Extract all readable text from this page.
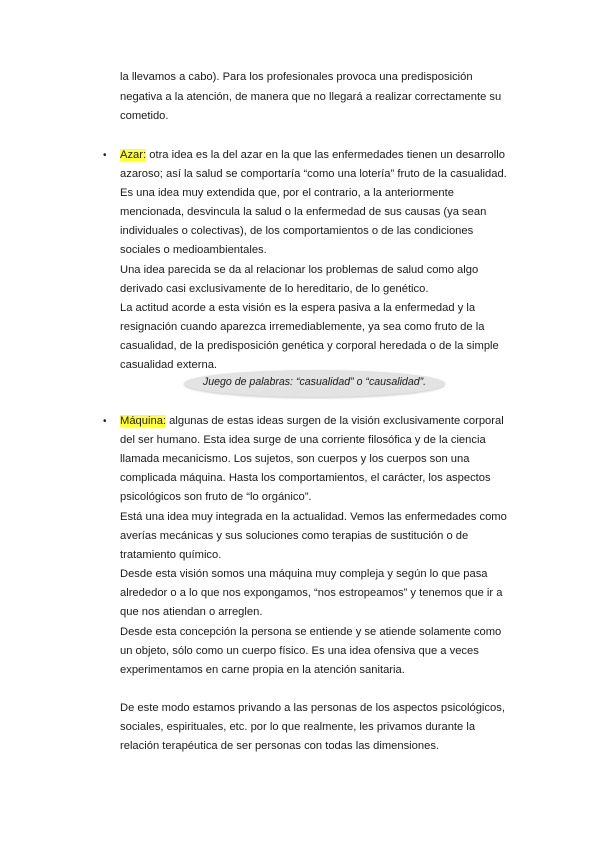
la llevamos a cabo). Para los profesionales provoca una predisposición
negativa a la atención, de manera que no llegará a realizar correctamente su
cometido.
• Azar: otra idea es la del azar en la que las enfermedades tienen un desarrollo
azaroso; así la salud se comportaría “como una lotería” fruto de la casualidad.
Es una idea muy extendida que, por el contrario, a la anteriormente
mencionada, desvincula la salud o la enfermedad de sus causas (ya sean
individuales o colectivas), de los comportamientos o de las condiciones
sociales o medioambientales.
Una idea parecida se da al relacionar los problemas de salud como algo
derivado casi exclusivamente de lo hereditario, de lo genético.
La actitud acorde a esta visión es la espera pasiva a la enfermedad y la
resignación cuando aparezca irremediablemente, ya sea como fruto de la
casualidad, de la predisposición genética y corporal heredada o de la simple
casualidad externa.
Juego de palabras: “casualidad” o “causalidad”.
• Máquina: algunas de estas ideas surgen de la visión exclusivamente corporal
del ser humano. Esta idea surge de una corriente filosófica y de la ciencia
llamada mecanicismo. Los sujetos, son cuerpos y los cuerpos son una
complicada máquina. Hasta los comportamientos, el carácter, los aspectos
psicológicos son fruto de “lo orgánico”.
Está una idea muy integrada en la actualidad. Vemos las enfermedades como
averías mecánicas y sus soluciones como terapias de sustitución o de
tratamiento químico.
Desde esta visión somos una máquina muy compleja y según lo que pasa
alrededor o a lo que nos expongamos, “nos estropeamos” y tenemos que ir a
que nos atiendan o arreglen.
Desde esta concepción la persona se entiende y se atiende solamente como
un objeto, sólo como un cuerpo físico. Es una idea ofensiva que a veces
experimentamos en carne propia en la atención sanitaria.
De este modo estamos privando a las personas de los aspectos psicológicos,
sociales, espirituales, etc. por lo que realmente, les privamos durante la
relación terapéutica de ser personas con todas las dimensiones.
